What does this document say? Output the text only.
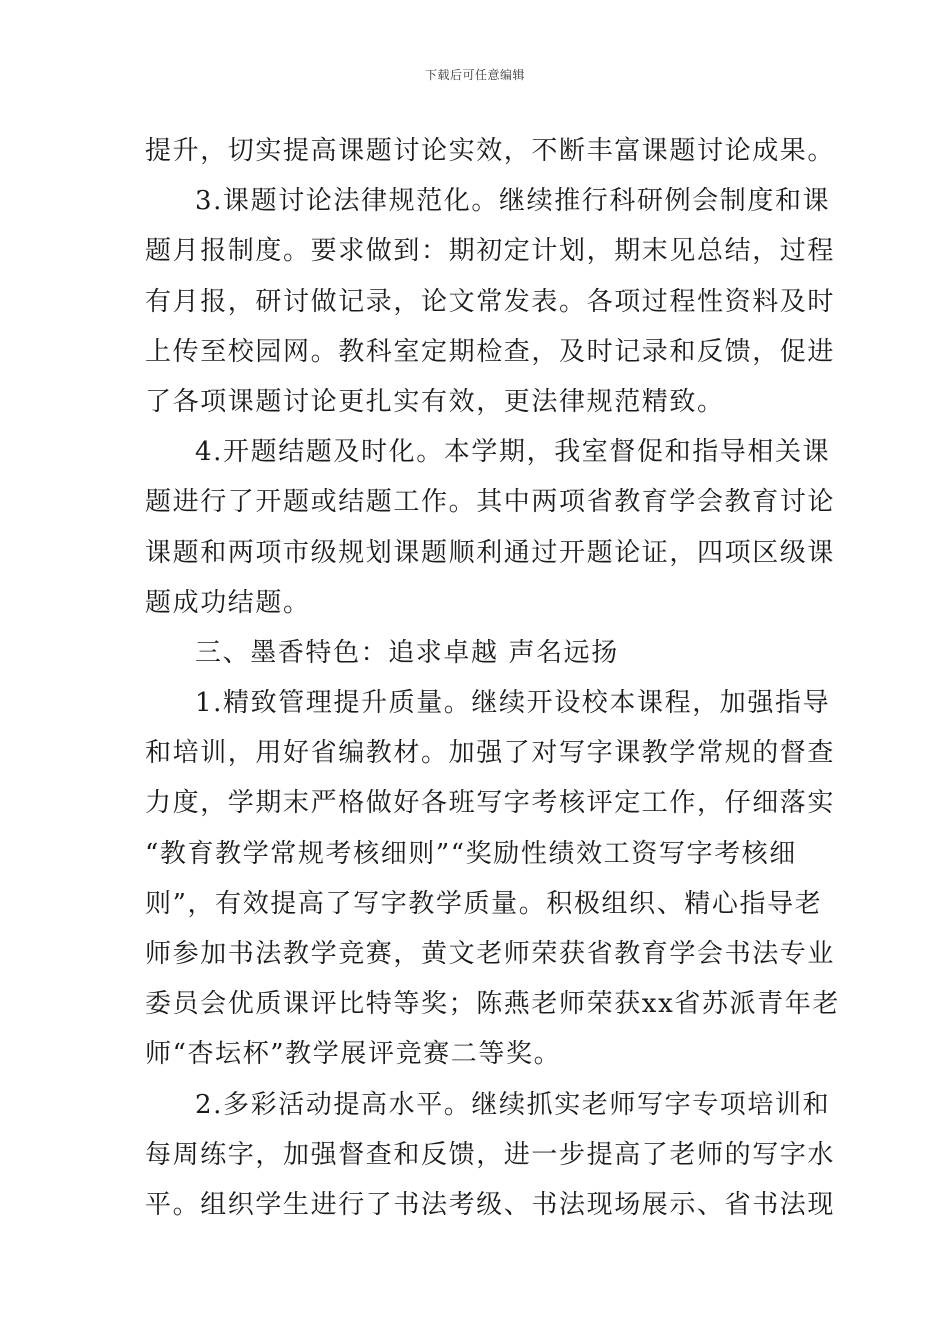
下载后可任意编辑
提升，切实提高课题讨论实效，不断丰富课题讨论成果。
3.课题讨论法律规范化。继续推行科研例会制度和课
题月报制度。要求做到：期初定计划，期末见总结，过程
有月报，研讨做记录，论文常发表。各项过程性资料及时
上传至校园网。教科室定期检查，及时记录和反馈，促进
了各项课题讨论更扎实有效，更法律规范精致。
4.开题结题及时化。本学期，我室督促和指导相关课
题进行了开题或结题工作。其中两项省教育学会教育讨论
课题和两项市级规划课题顺利通过开题论证，四项区级课
题成功结题。
三、墨香特色：追求卓越 声名远扬
1.精致管理提升质量。继续开设校本课程，加强指导
和培训，用好省编教材。加强了对写字课教学常规的督查
力度，学期末严格做好各班写字考核评定工作，仔细落实
“教育教学常规考核细则”“奖励性绩效工资写字考核细
则”，有效提高了写字教学质量。积极组织、精心指导老
师参加书法教学竞赛，黄文老师荣获省教育学会书法专业
委员会优质课评比特等奖；陈燕老师荣获xx省苏派青年老
师“杏坛杯”教学展评竞赛二等奖。
2.多彩活动提高水平。继续抓实老师写字专项培训和
每周练字，加强督查和反馈，进一步提高了老师的写字水
平。组织学生进行了书法考级、书法现场展示、省书法现
